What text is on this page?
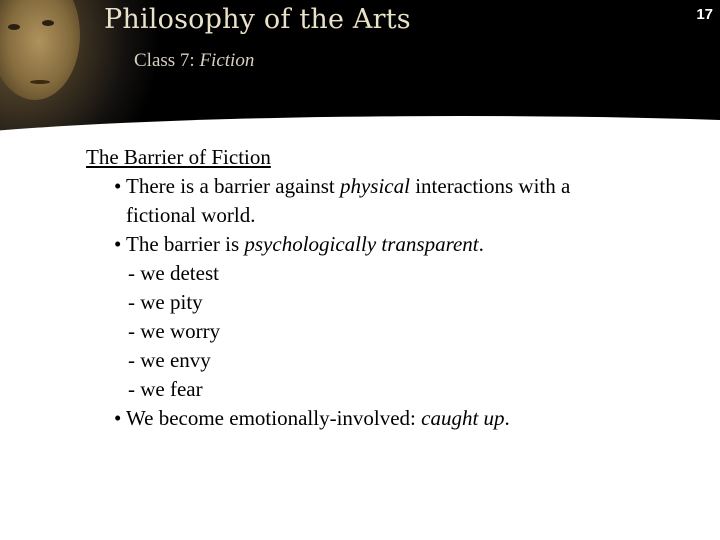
Philosophy of the Arts
Class 7: Fiction
17
The Barrier of Fiction
• There is a barrier against physical interactions with a
fictional world.
• The barrier is psychologically transparent.
- we detest
- we pity
- we worry
- we envy
- we fear
• We become emotionally-involved: caught up.
